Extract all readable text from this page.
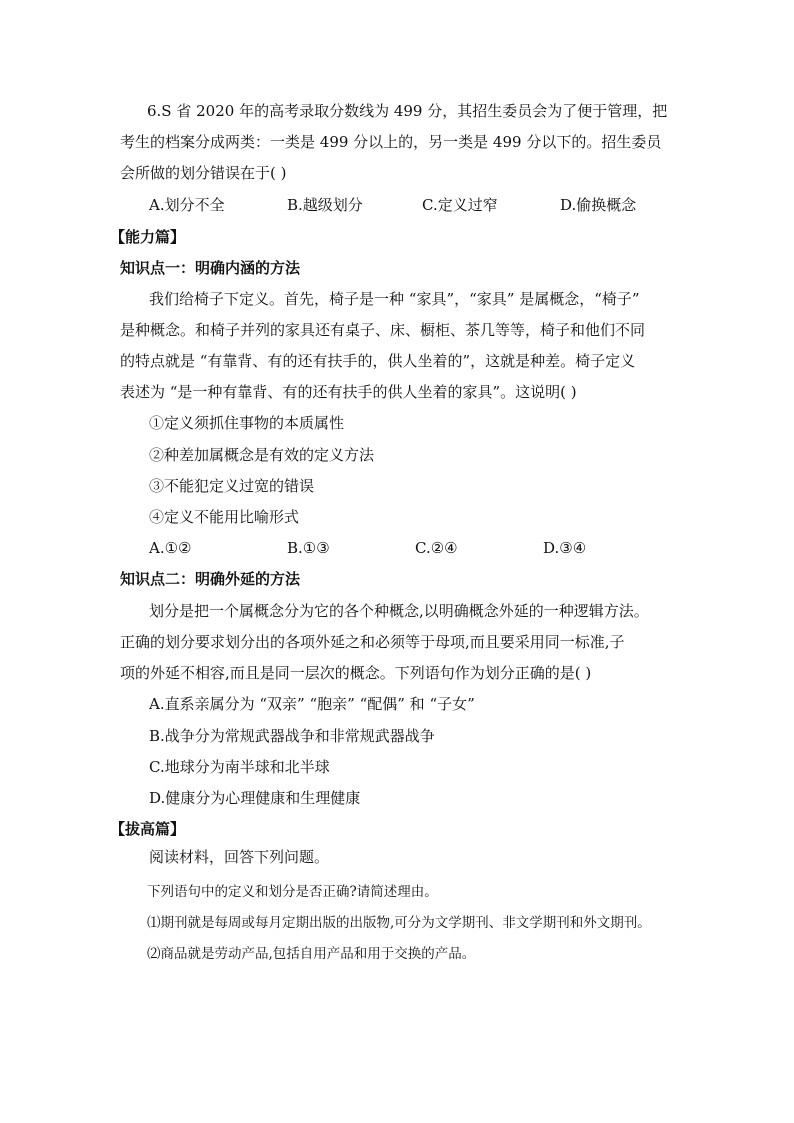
6.S 省 2020 年的高考录取分数线为 499 分，其招生委员会为了便于管理，把
考生的档案分成两类：一类是 499 分以上的，另一类是 499 分以下的。招生委员
会所做的划分错误在于( )
A.划分不全	B.越级划分	C.定义过窄	D.偷换概念
【能力篇】
知识点一：明确内涵的方法
我们给椅子下定义。首先，椅子是一种 “家具”，“家具” 是属概念，“椅子”
是种概念。和椅子并列的家具还有桌子、床、橱柜、茶几等等，椅子和他们不同
的特点就是 “有靠背、有的还有扶手的，供人坐着的”，这就是种差。椅子定义
表述为 “是一种有靠背、有的还有扶手的供人坐着的家具”。这说明( )
①定义须抓住事物的本质属性
②种差加属概念是有效的定义方法
③不能犯定义过宽的错误
④定义不能用比喻形式
A.①②	B.①③	C.②④	D.③④
知识点二：明确外延的方法
划分是把一个属概念分为它的各个种概念,以明确概念外延的一种逻辑方法。
正确的划分要求划分出的各项外延之和必须等于母项,而且要采用同一标准,子
项的外延不相容,而且是同一层次的概念。下列语句作为划分正确的是( )
A.直系亲属分为 “双亲” “胞亲” “配偶” 和 “子女”
B.战争分为常规武器战争和非常规武器战争
C.地球分为南半球和北半球
D.健康分为心理健康和生理健康
【拔高篇】
阅读材料，回答下列问题。
下列语句中的定义和划分是否正确?请简述理由。
⑴期刊就是每周或每月定期出版的出版物,可分为文学期刊、非文学期刊和外文期刊。
⑵商品就是劳动产品,包括自用产品和用于交换的产品。
